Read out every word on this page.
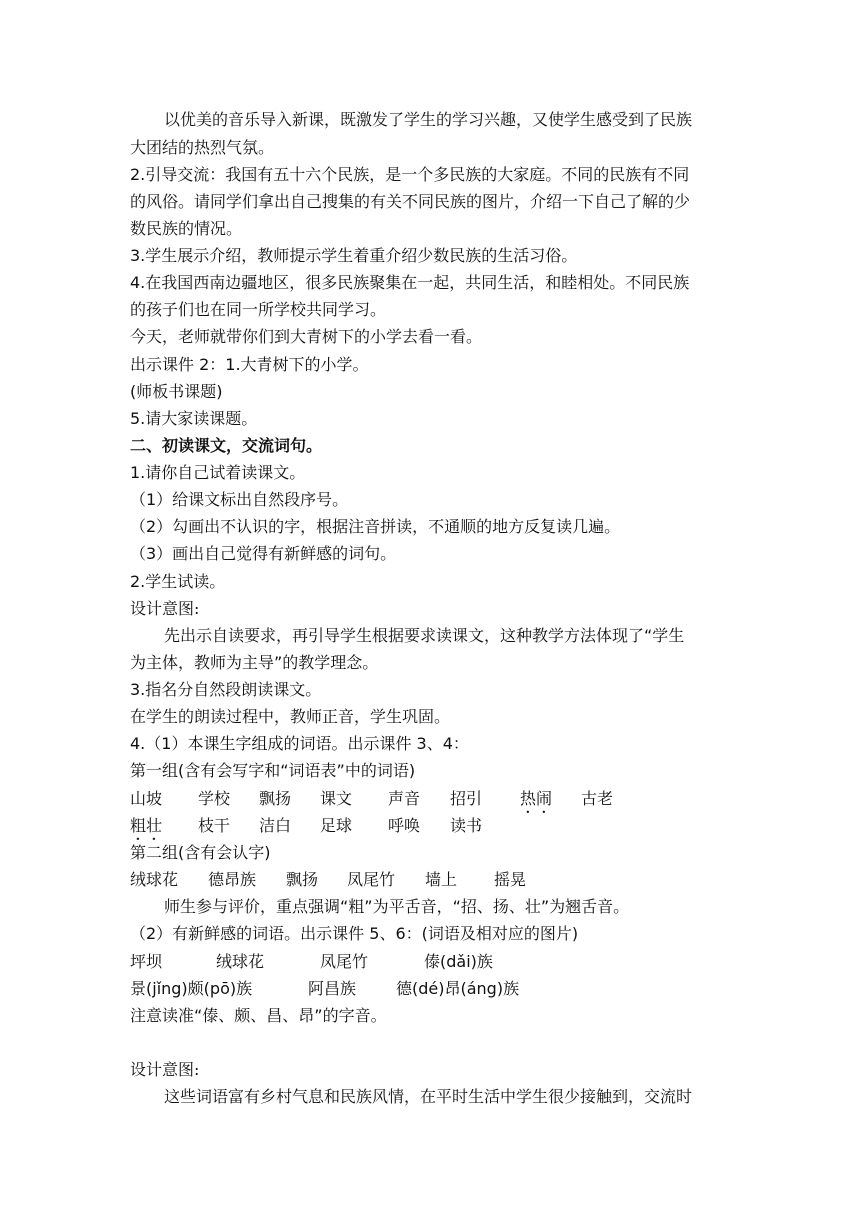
以优美的音乐导入新课，既激发了学生的学习兴趣，又使学生感受到了民族
大团结的热烈气氛。
2.引导交流：我国有五十六个民族，是一个多民族的大家庭。不同的民族有不同
的风俗。请同学们拿出自己搜集的有关不同民族的图片，介绍一下自己了解的少
数民族的情况。
3.学生展示介绍，教师提示学生着重介绍少数民族的生活习俗。
4.在我国西南边疆地区，很多民族聚集在一起，共同生活，和睦相处。不同民族
的孩子们也在同一所学校共同学习。
今天，老师就带你们到大青树下的小学去看一看。
出示课件 2：1.大青树下的小学。
(师板书课题)
5.请大家读课题。
二、初读课文，交流词句。
1.请你自己试着读课文。
（1）给课文标出自然段序号。
（2）勾画出不认识的字，根据注音拼读，不通顺的地方反复读几遍。
（3）画出自己觉得有新鲜感的词句。
2.学生试读。
设计意图:
先出示自读要求，再引导学生根据要求读课文，这种教学方法体现了“学生
为主体，教师为主导”的教学理念。
3.指名分自然段朗读课文。
在学生的朗读过程中，教师正音，学生巩固。
4.（1）本课生字组成的词语。出示课件 3、4：
第一组(含有会写字和“词语表”中的词语)
山坡 学校 飘扬 课文 声音 招引 热闹 古老
粗壮 枝干 洁白 足球 呼唤 读书
第二组(含有会认字)
绒球花 德昂族 飘扬 凤尾竹 墙上 摇晃
师生参与评价，重点强调“粗”为平舌音，“招、扬、壮”为翘舌音。
（2）有新鲜感的词语。出示课件 5、6：(词语及相对应的图片)
坪坝	绒球花	凤尾竹	傣(dǎi)族
景(jǐng)颇(pō)族	阿昌族 德(dé)昂(áng)族
注意读准“傣、颇、昌、昂”的字音。
设计意图:
这些词语富有乡村气息和民族风情，在平时生活中学生很少接触到，交流时
